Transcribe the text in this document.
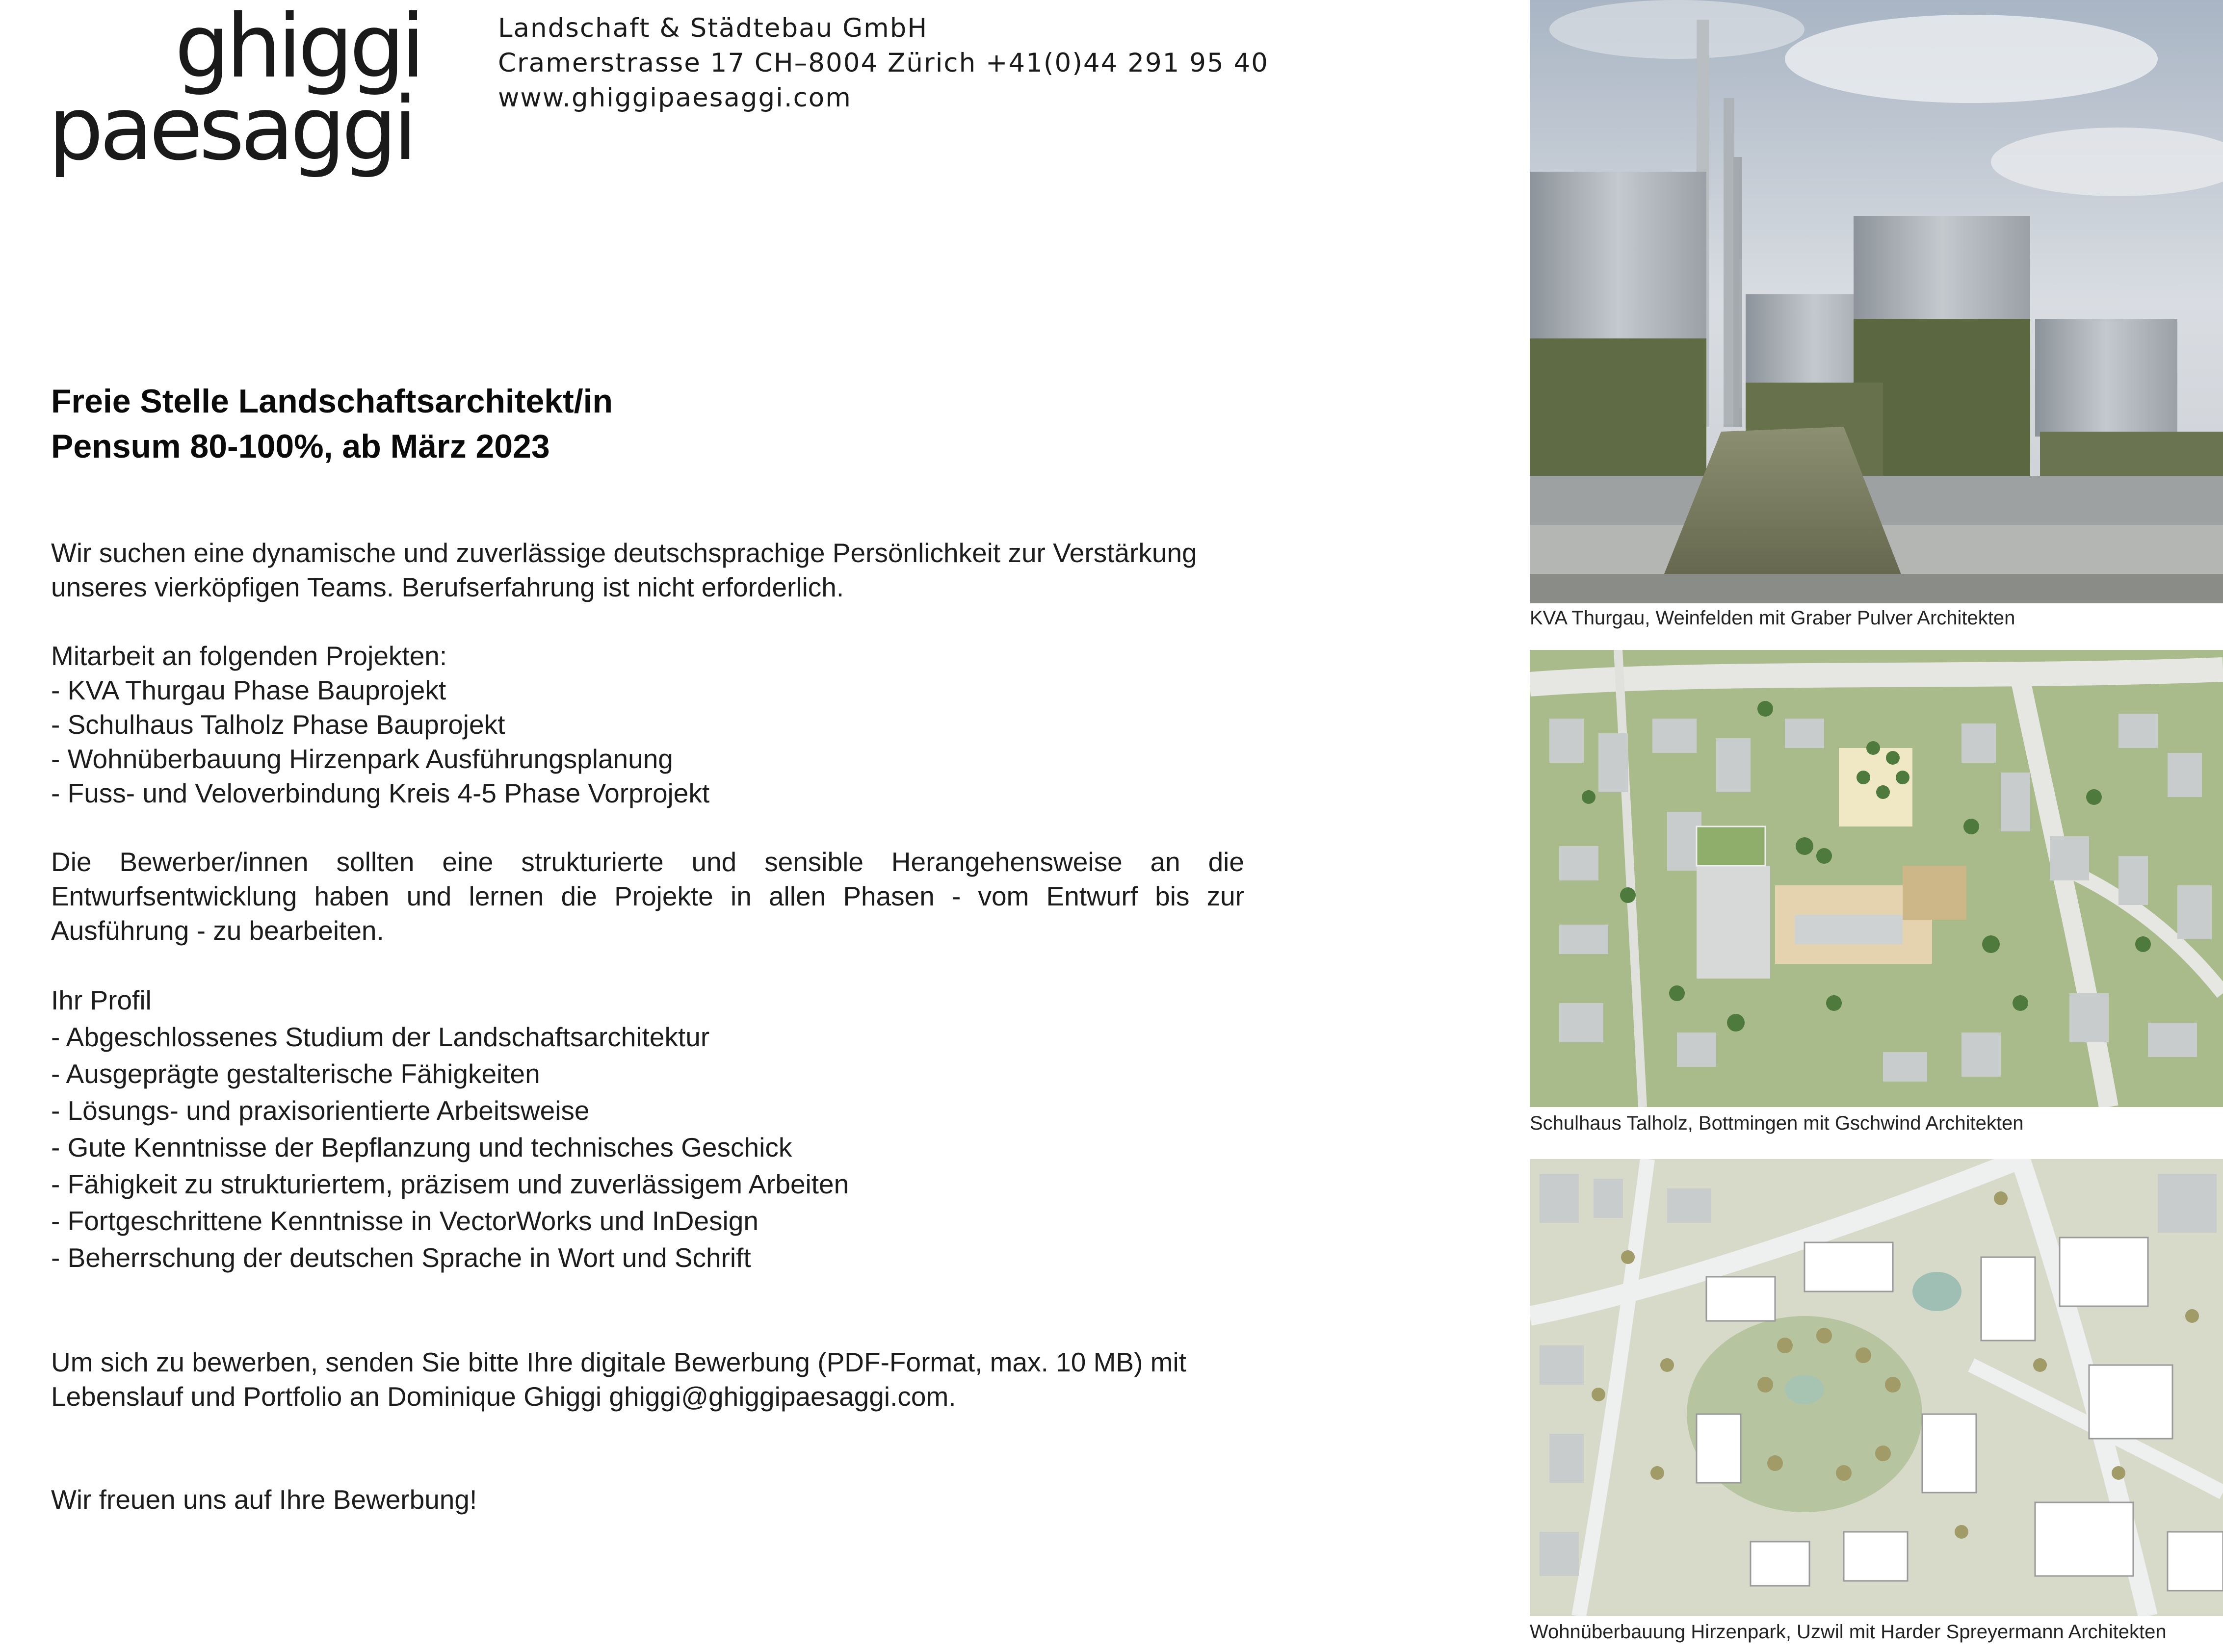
ghiggi
paesaggi
Landschaft & Städtebau GmbH
Cramerstrasse 17 CH–8004 Zürich +41(0)44 291 95 40
www.ghiggipaesaggi.com
Freie Stelle Landschaftsarchitekt/in
Pensum 80-100%, ab März 2023

Wir suchen eine dynamische und zuverlässige deutschsprachige Persönlichkeit zur Verstärkung unseres vierköpfigen Teams. Berufserfahrung ist nicht erforderlich.

Mitarbeit an folgenden Projekten:
- KVA Thurgau Phase Bauprojekt
- Schulhaus Talholz Phase Bauprojekt
- Wohnüberbauung Hirzenpark Ausführungsplanung
- Fuss- und Veloverbindung Kreis 4-5 Phase Vorprojekt

Die Bewerber/innen sollten eine strukturierte und sensible Herangehensweise an die Entwurfsentwicklung haben und lernen die Projekte in allen Phasen - vom Entwurf bis zur Ausführung - zu bearbeiten.

Ihr Profil
- Abgeschlossenes Studium der Landschaftsarchitektur
- Ausgeprägte gestalterische Fähigkeiten
- Lösungs- und praxisorientierte Arbeitsweise
- Gute Kenntnisse der Bepflanzung und technisches Geschick
- Fähigkeit zu strukturiertem, präzisem und zuverlässigem Arbeiten
- Fortgeschrittene Kenntnisse in VectorWorks und InDesign
- Beherrschung der deutschen Sprache in Wort und Schrift

Um sich zu bewerben, senden Sie bitte Ihre digitale Bewerbung (PDF-Format, max. 10 MB) mit Lebenslauf und Portfolio an Dominique Ghiggi ghiggi@ghiggipaesaggi.com.

Wir freuen uns auf Ihre Bewerbung!

KVA Thurgau, Weinfelden mit Graber Pulver Architekten
Schulhaus Talholz, Bottmingen mit Gschwind Architekten
Wohnüberbauung Hirzenpark, Uzwil mit Harder Spreyermann Architekten
